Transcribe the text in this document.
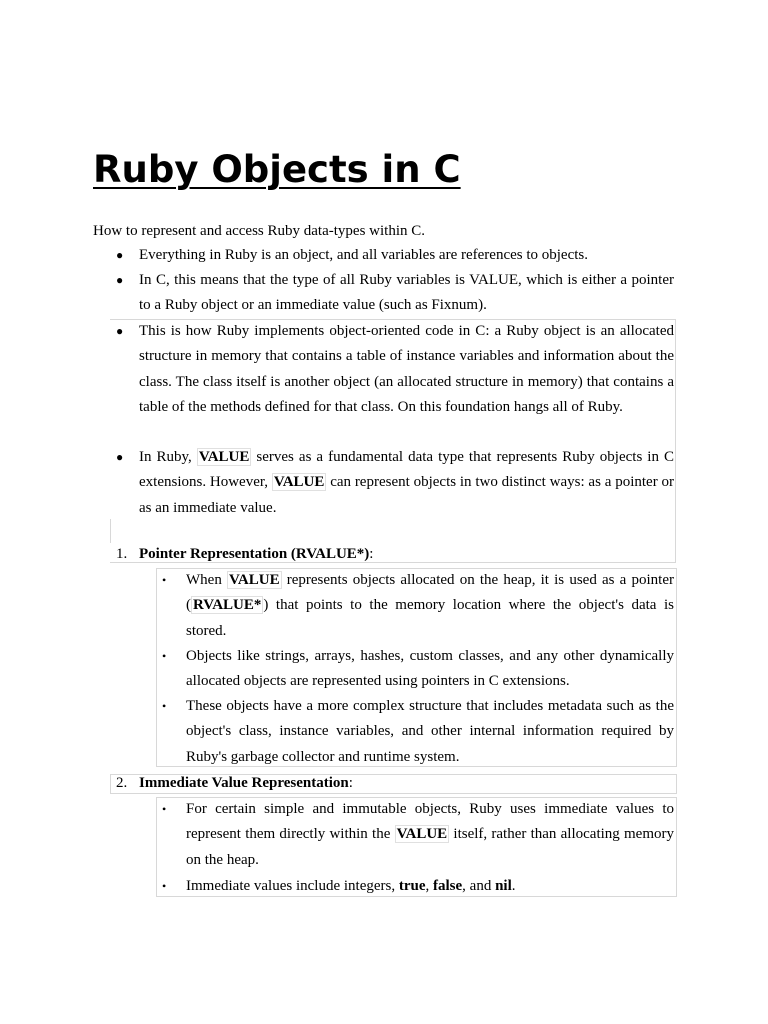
Ruby Objects in C
How to represent and access Ruby data-types within C.
● Everything in Ruby is an object, and all variables are references to objects.
● In C, this means that the type of all Ruby variables is VALUE, which is either a pointer to a Ruby object or an immediate value (such as Fixnum).
● This is how Ruby implements object-oriented code in C: a Ruby object is an allocated structure in memory that contains a table of instance variables and information about the class. The class itself is another object (an allocated structure in memory) that contains a table of the methods defined for that class. On this foundation hangs all of Ruby.
● In Ruby, VALUE serves as a fundamental data type that represents Ruby objects in C extensions. However, VALUE can represent objects in two distinct ways: as a pointer or as an immediate value.
1. Pointer Representation (RVALUE*):
• When VALUE represents objects allocated on the heap, it is used as a pointer ( RVALUE* ) that points to the memory location where the object's data is stored.
• Objects like strings, arrays, hashes, custom classes, and any other dynamically allocated objects are represented using pointers in C extensions.
• These objects have a more complex structure that includes metadata such as the object's class, instance variables, and other internal information required by Ruby's garbage collector and runtime system.
2. Immediate Value Representation:
• For certain simple and immutable objects, Ruby uses immediate values to represent them directly within the VALUE itself, rather than allocating memory on the heap.
• Immediate values include integers, true, false, and nil.
